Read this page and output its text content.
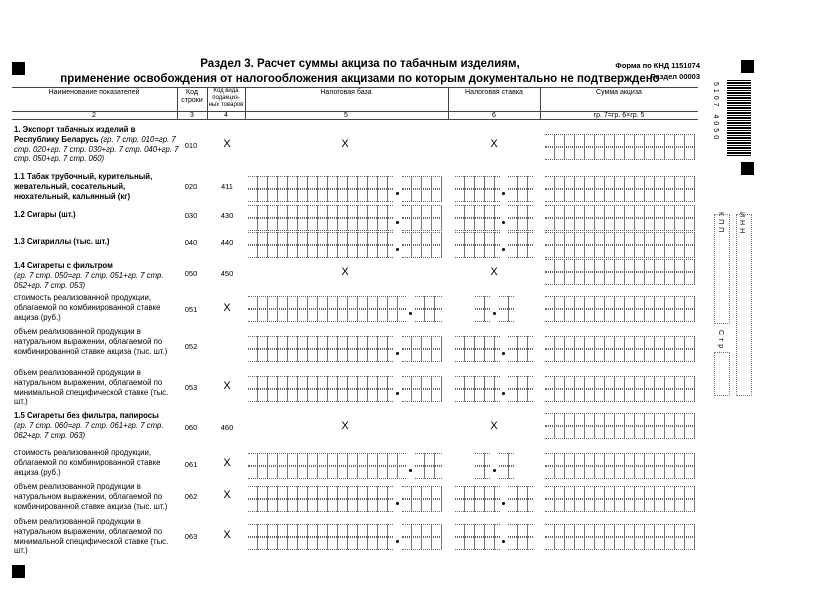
Раздел 3. Расчет суммы акциза по табачным изделиям,
применение освобождения от налогообложения акцизами по которым документально не подтверждено
Форма по КНД 1151074
Раздел 00003
Наименование показателей	Код строки
Код вида подакциз-ных товаров
Налоговая база	Налоговая ставка	Сумма акциза
2	3	4	5	6	гр. 7=гр. 6×гр. 5
1. Экспорт табачных изделий в Республику Беларусь (гр. 7 стр. 010=гр. 7 стр. 020+гр. 7 стр. 030+гр. 7 стр. 040+гр. 7 стр. 050+гр. 7 стр. 060)
010	X	X	X
1.1 Табак трубочный, курительный, жевательный, сосательный, нюхательный, кальянный (кг)
020	411
1.2 Сигары (шт.)	030	430
1.3 Сигариллы (тыс. шт.)	040	440
1.4 Сигареты с фильтром
(гр. 7 стр. 050=гр. 7 стр. 051+гр. 7 стр. 052+гр. 7 стр. 053)
050	450	X	X
стоимость реализованной продукции, облагаемой по комбинированной ставке акциза (руб.)
051	X
объем реализованной продукции в натуральном выражении, облагаемой по комбинированной ставке акциза (тыс. шт.)
052
объем реализованной продукции в натуральном выражении, облагаемой по минимальной специфической ставке (тыс. шт.)
053	X
1.5 Сигареты без фильтра, папиросы
(гр. 7 стр. 060=гр. 7 стр. 061+гр. 7 стр. 062+гр. 7 стр. 063)
060	460	X	X
стоимость реализованной продукции, облагаемой по комбинированной ставке акциза (руб.)
061	X
объем реализованной продукции в натуральном выражении, облагаемой по комбинированной ставке акциза (тыс. шт.)
062	X
объем реализованной продукции в натуральном выражении, облагаемой по минимальной специфической ставке (тыс. шт.)
063	X
5107 4050
ИНН
КПП
Стр.
